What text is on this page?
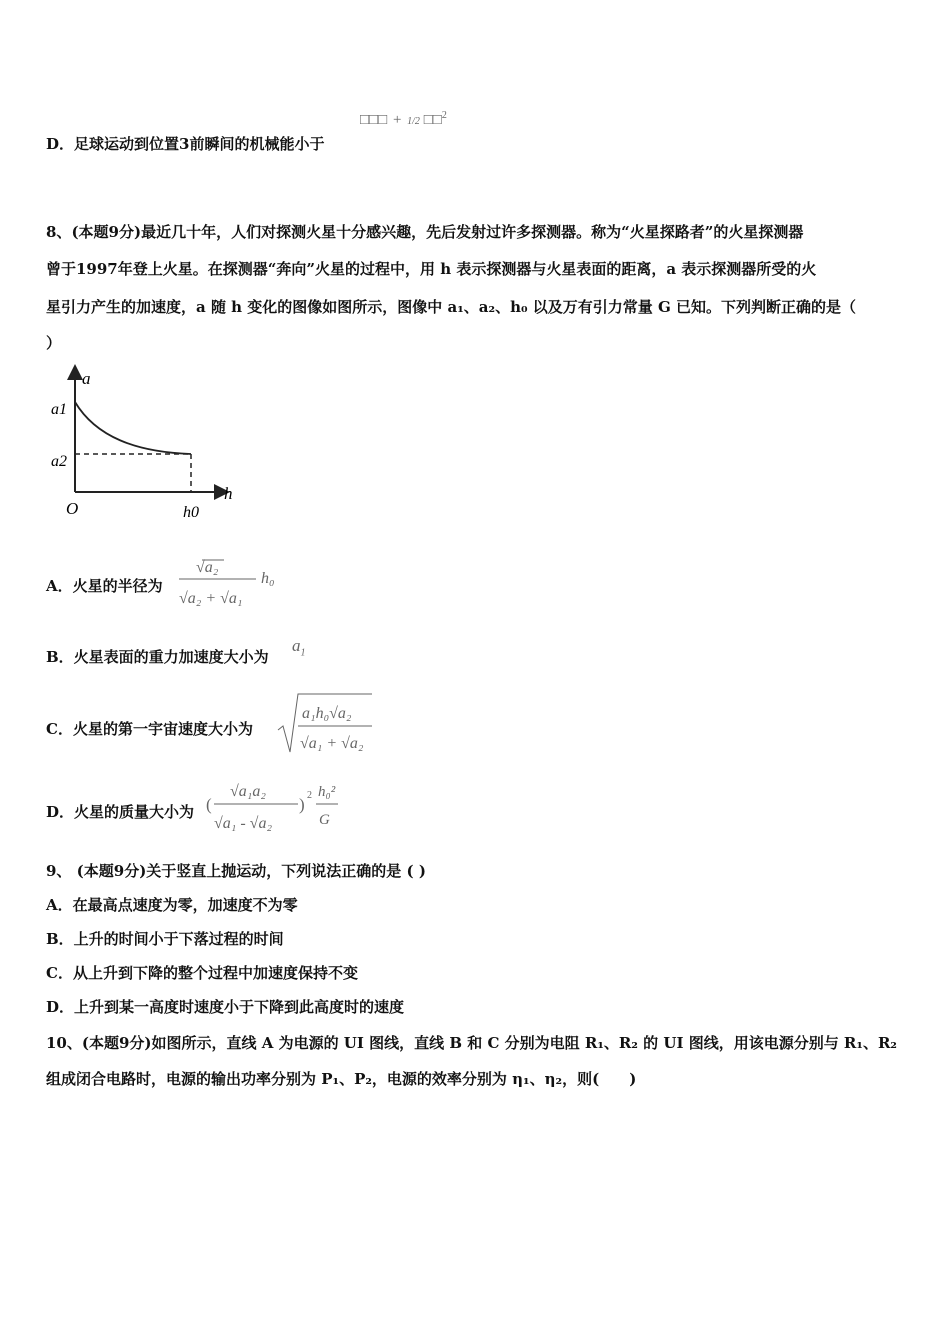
D．足球运动到位置3前瞬间的机械能小于
□□□ + 1/2 □□$^2$
8、(本题9分)最近几十年，人们对探测火星十分感兴趣，先后发射过许多探测器。称为“火星探路者”的火星探测器
曾于1997年登上火星。在探测器“奔向”火星的过程中，用 h 表示探测器与火星表面的距离，a 表示探测器所受的火
星引力产生的加速度，a 随 h 变化的图像如图所示，图像中 a₁、a₂、h₀ 以及万有引力常量 G 已知。下列判断正确的是（
）
a
h
O
a1
a2
h0
A．火星的半径为
√a₂
√a₂ + √a₁
h₀
B．火星表面的重力加速度大小为
$a_1$
C．火星的第一宇宙速度大小为
a₁h₀√a₂
√a₁ + √a₂
D．火星的质量大小为 (
√a₁a₂
√a₁ - √a₂
) 2 h₀²
G
9、 (本题9分)关于竖直上抛运动，下列说法正确的是 ( )
A．在最高点速度为零，加速度不为零
B．上升的时间小于下落过程的时间
C．从上升到下降的整个过程中加速度保持不变
D．上升到某一高度时速度小于下降到此高度时的速度
10、(本题9分)如图所示，直线 A 为电源的 UI 图线，直线 B 和 C 分别为电阻 R₁、R₂ 的 UI 图线，用该电源分别与 R₁、R₂
组成闭合电路时，电源的输出功率分别为 P₁、P₂，电源的效率分别为 η₁、η₂，则(　　)
